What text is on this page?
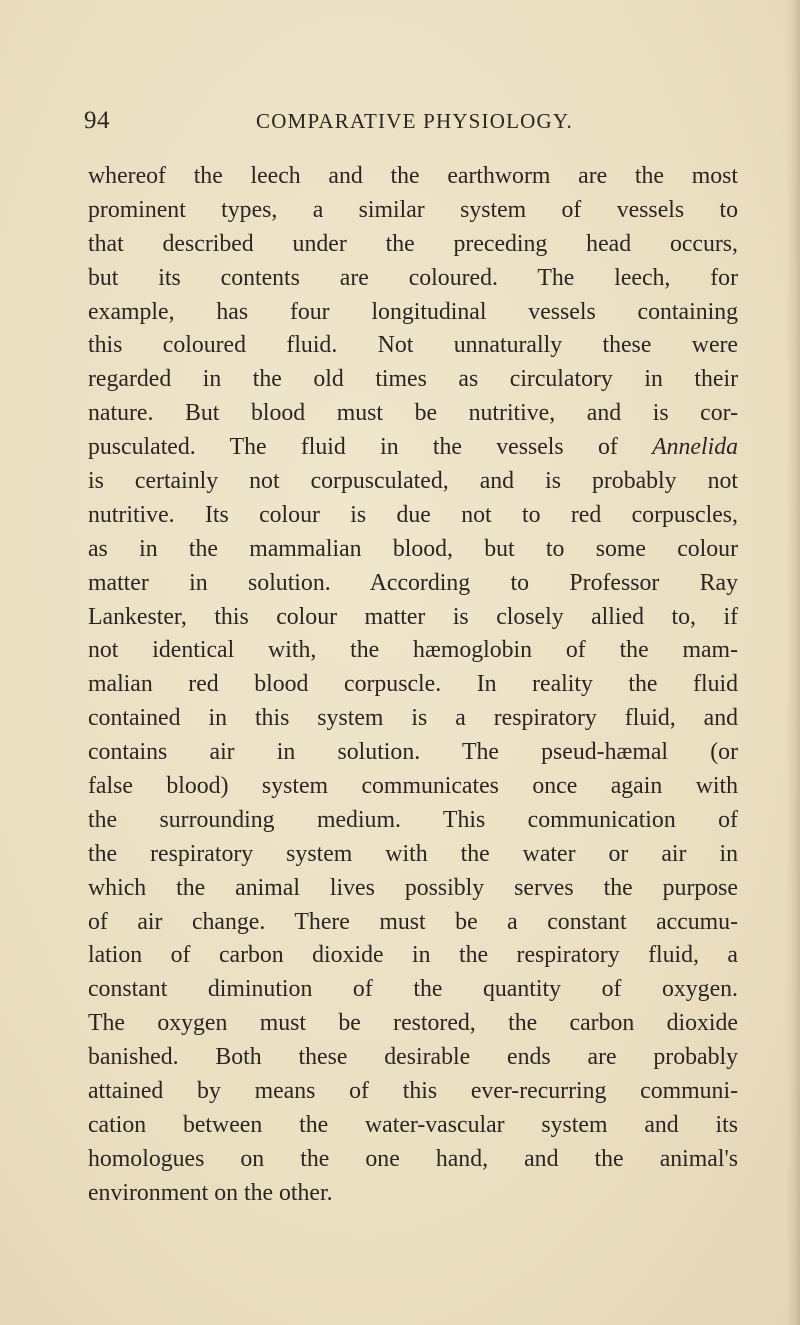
94	COMPARATIVE PHYSIOLOGY.
whereof the leech and the earthworm are the most
prominent types, a similar system of vessels to
that described under the preceding head occurs,
but its contents are coloured. The leech, for
example, has four longitudinal vessels containing
this coloured fluid. Not unnaturally these were
regarded in the old times as circulatory in their
nature. But blood must be nutritive, and is cor-
pusculated. The fluid in the vessels of Annelida
is certainly not corpusculated, and is probably not
nutritive. Its colour is due not to red corpuscles,
as in the mammalian blood, but to some colour
matter in solution. According to Professor Ray
Lankester, this colour matter is closely allied to, if
not identical with, the hæmoglobin of the mam-
malian red blood corpuscle. In reality the fluid
contained in this system is a respiratory fluid, and
contains air in solution. The pseud-hæmal (or
false blood) system communicates once again with
the surrounding medium. This communication of
the respiratory system with the water or air in
which the animal lives possibly serves the purpose
of air change. There must be a constant accumu-
lation of carbon dioxide in the respiratory fluid, a
constant diminution of the quantity of oxygen.
The oxygen must be restored, the carbon dioxide
banished. Both these desirable ends are probably
attained by means of this ever-recurring communi-
cation between the water-vascular system and its
homologues on the one hand, and the animal's
environment on the other.
